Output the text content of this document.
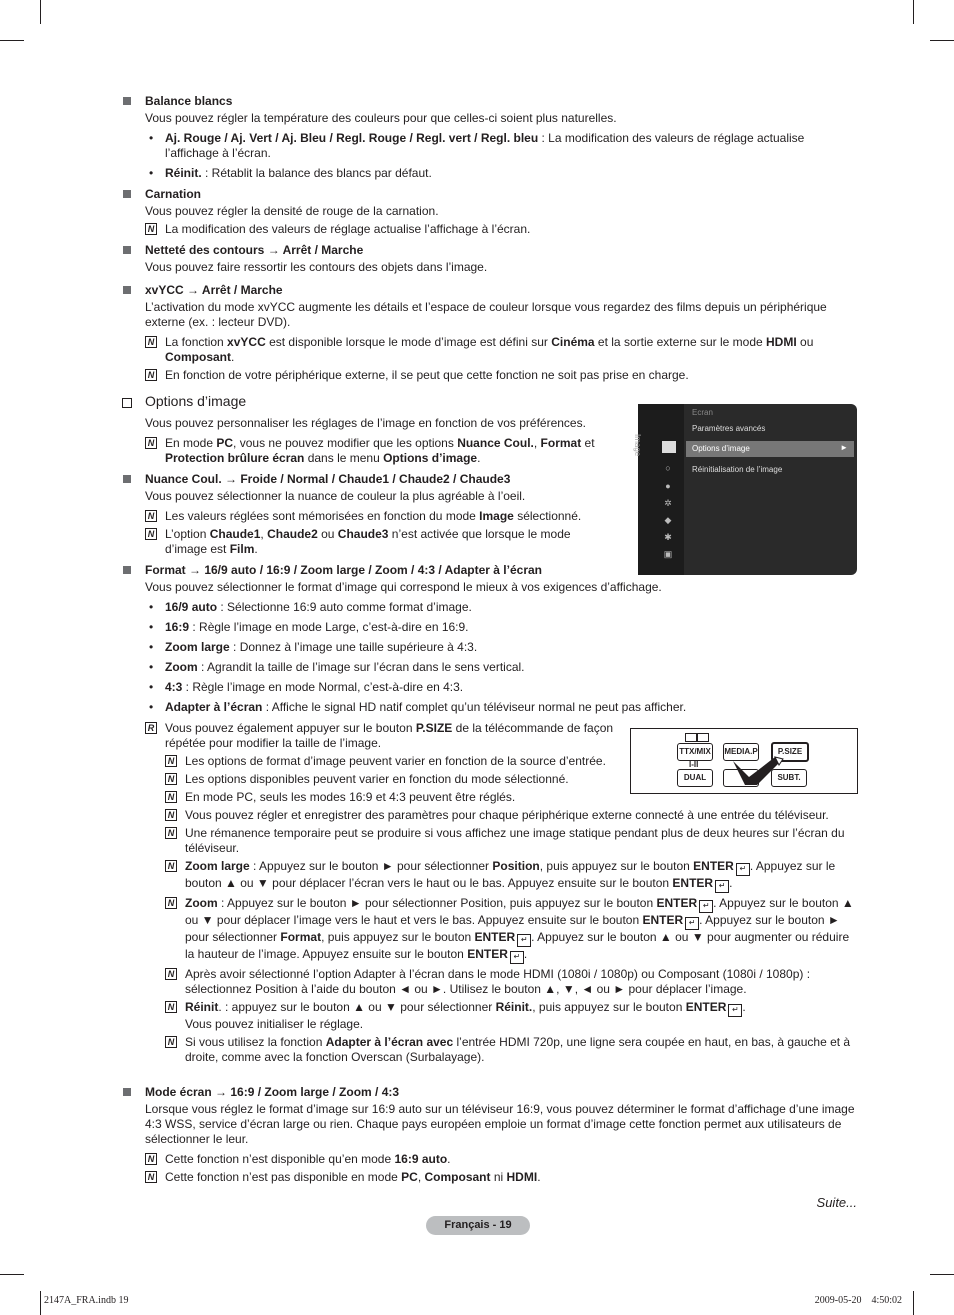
Balance blancs
Vous pouvez régler la température des couleurs pour que celles-ci soient plus naturelles.
• Aj. Rouge / Aj. Vert / Aj. Bleu / Regl. Rouge / Regl. vert / Regl. bleu : La modification des valeurs de réglage actualise l’affichage à l’écran.
• Réinit. : Rétablit la balance des blancs par défaut.
Carnation
Vous pouvez régler la densité de rouge de la carnation.
N La modification des valeurs de réglage actualise l’affichage à l’écran.
Netteté des contours → Arrêt / Marche
Vous pouvez faire ressortir les contours des objets dans l’image.
xvYCC → Arrêt / Marche
L’activation du mode xvYCC augmente les détails et l’espace de couleur lorsque vous regardez des films depuis un périphérique externe (ex. : lecteur DVD).
N La fonction xvYCC est disponible lorsque le mode d’image est défini sur Cinéma et la sortie externe sur le mode HDMI ou Composant.
N En fonction de votre périphérique externe, il se peut que cette fonction ne soit pas prise en charge.
Options d’image
Vous pouvez personnaliser les réglages de l’image en fonction de vos préférences.
N En mode PC, vous ne pouvez modifier que les options Nuance Coul., Format et Protection brûlure écran dans le menu Options d’image.
Nuance Coul. → Froide / Normal / Chaude1 / Chaude2 / Chaude3
Vous pouvez sélectionner la nuance de couleur la plus agréable à l’oeil.
N Les valeurs réglées sont mémorisées en fonction du mode Image sélectionné.
N L’option Chaude1, Chaude2 ou Chaude3 n’est activée que lorsque le mode d’image est Film.
Format → 16/9 auto / 16:9 / Zoom large / Zoom / 4:3 / Adapter à l’écran
Vous pouvez sélectionner le format d’image qui correspond le mieux à vos exigences d’affichage.
• 16/9 auto : Sélectionne 16:9 auto comme format d’image.
• 16:9 : Règle l’image en mode Large, c’est-à-dire en 16:9.
• Zoom large : Donnez à l’image une taille supérieure à 4:3.
• Zoom : Agrandit la taille de l’image sur l’écran dans le sens vertical.
• 4:3 : Règle l’image en mode Normal, c’est-à-dire en 4:3.
• Adapter à l’écran : Affiche le signal HD natif complet qu’un téléviseur normal ne peut pas afficher.
R Vous pouvez également appuyer sur le bouton P.SIZE de la télécommande de façon répétée pour modifier la taille de l’image.
N Les options de format d’image peuvent varier en fonction de la source d’entrée.
N Les options disponibles peuvent varier en fonction du mode sélectionné.
N En mode PC, seuls les modes 16:9 et 4:3 peuvent être réglés.
N Vous pouvez régler et enregistrer des paramètres pour chaque périphérique externe connecté à une entrée du téléviseur.
N Une rémanence temporaire peut se produire si vous affichez une image statique pendant plus de deux heures sur l’écran du téléviseur.
N Zoom large : Appuyez sur le bouton ► pour sélectionner Position, puis appuyez sur le bouton ENTER ↵ . Appuyez sur le bouton ▲ ou ▼ pour déplacer l’écran vers le haut ou le bas. Appuyez ensuite sur le bouton ENTER ↵ .
N Zoom : Appuyez sur le bouton ► pour sélectionner Position, puis appuyez sur le bouton ENTER ↵ . Appuyez sur le bouton ▲ ou ▼ pour déplacer l’image vers le haut et vers le bas. Appuyez ensuite sur le bouton ENTER ↵ . Appuyez sur le bouton ► pour sélectionner Format, puis appuyez sur le bouton ENTER ↵ . Appuyez sur le bouton ▲ ou ▼ pour augmenter ou réduire la hauteur de l’image. Appuyez ensuite sur le bouton ENTER ↵ .
N Après avoir sélectionné l’option Adapter à l’écran dans le mode HDMI (1080i / 1080p) ou Composant (1080i / 1080p) : sélectionnez Position à l’aide du bouton ◄ ou ►. Utilisez le bouton ▲, ▼, ◄ ou ► pour déplacer l’image.
N Réinit. : appuyez sur le bouton ▲ ou ▼ pour sélectionner Réinit., puis appuyez sur le bouton ENTER ↵ .
Vous pouvez initialiser le réglage.
N Si vous utilisez la fonction Adapter à l’écran avec l’entrée HDMI 720p, une ligne sera coupée en haut, en bas, à gauche et à droite, comme avec la fonction Overscan (Surbalayage).
Mode écran → 16:9 / Zoom large / Zoom / 4:3
Lorsque vous réglez le format d’image sur 16:9 auto sur un téléviseur 16:9, vous pouvez déterminer le format d’affichage d’une image 4:3 WSS, service d’écran large ou rien. Chaque pays européen emploie un format d’image cette fonction permet aux utilisateurs de sélectionner le leur.
N Cette fonction n’est disponible qu’en mode 16:9 auto.
N Cette fonction n’est pas disponible en mode PC, Composant ni HDMI.
Image
○
●
✲
◆
✱
▣
Ecran
Paramètres avancés
Options d’image	►
Réinitialisation de l’image
TTX/MIX MEDIA.P	P.SIZE
I-II
DUAL	SUBT.
Suite...
Français - 19
2147A_FRA.indb 19	2009-05-20    4:50:02
